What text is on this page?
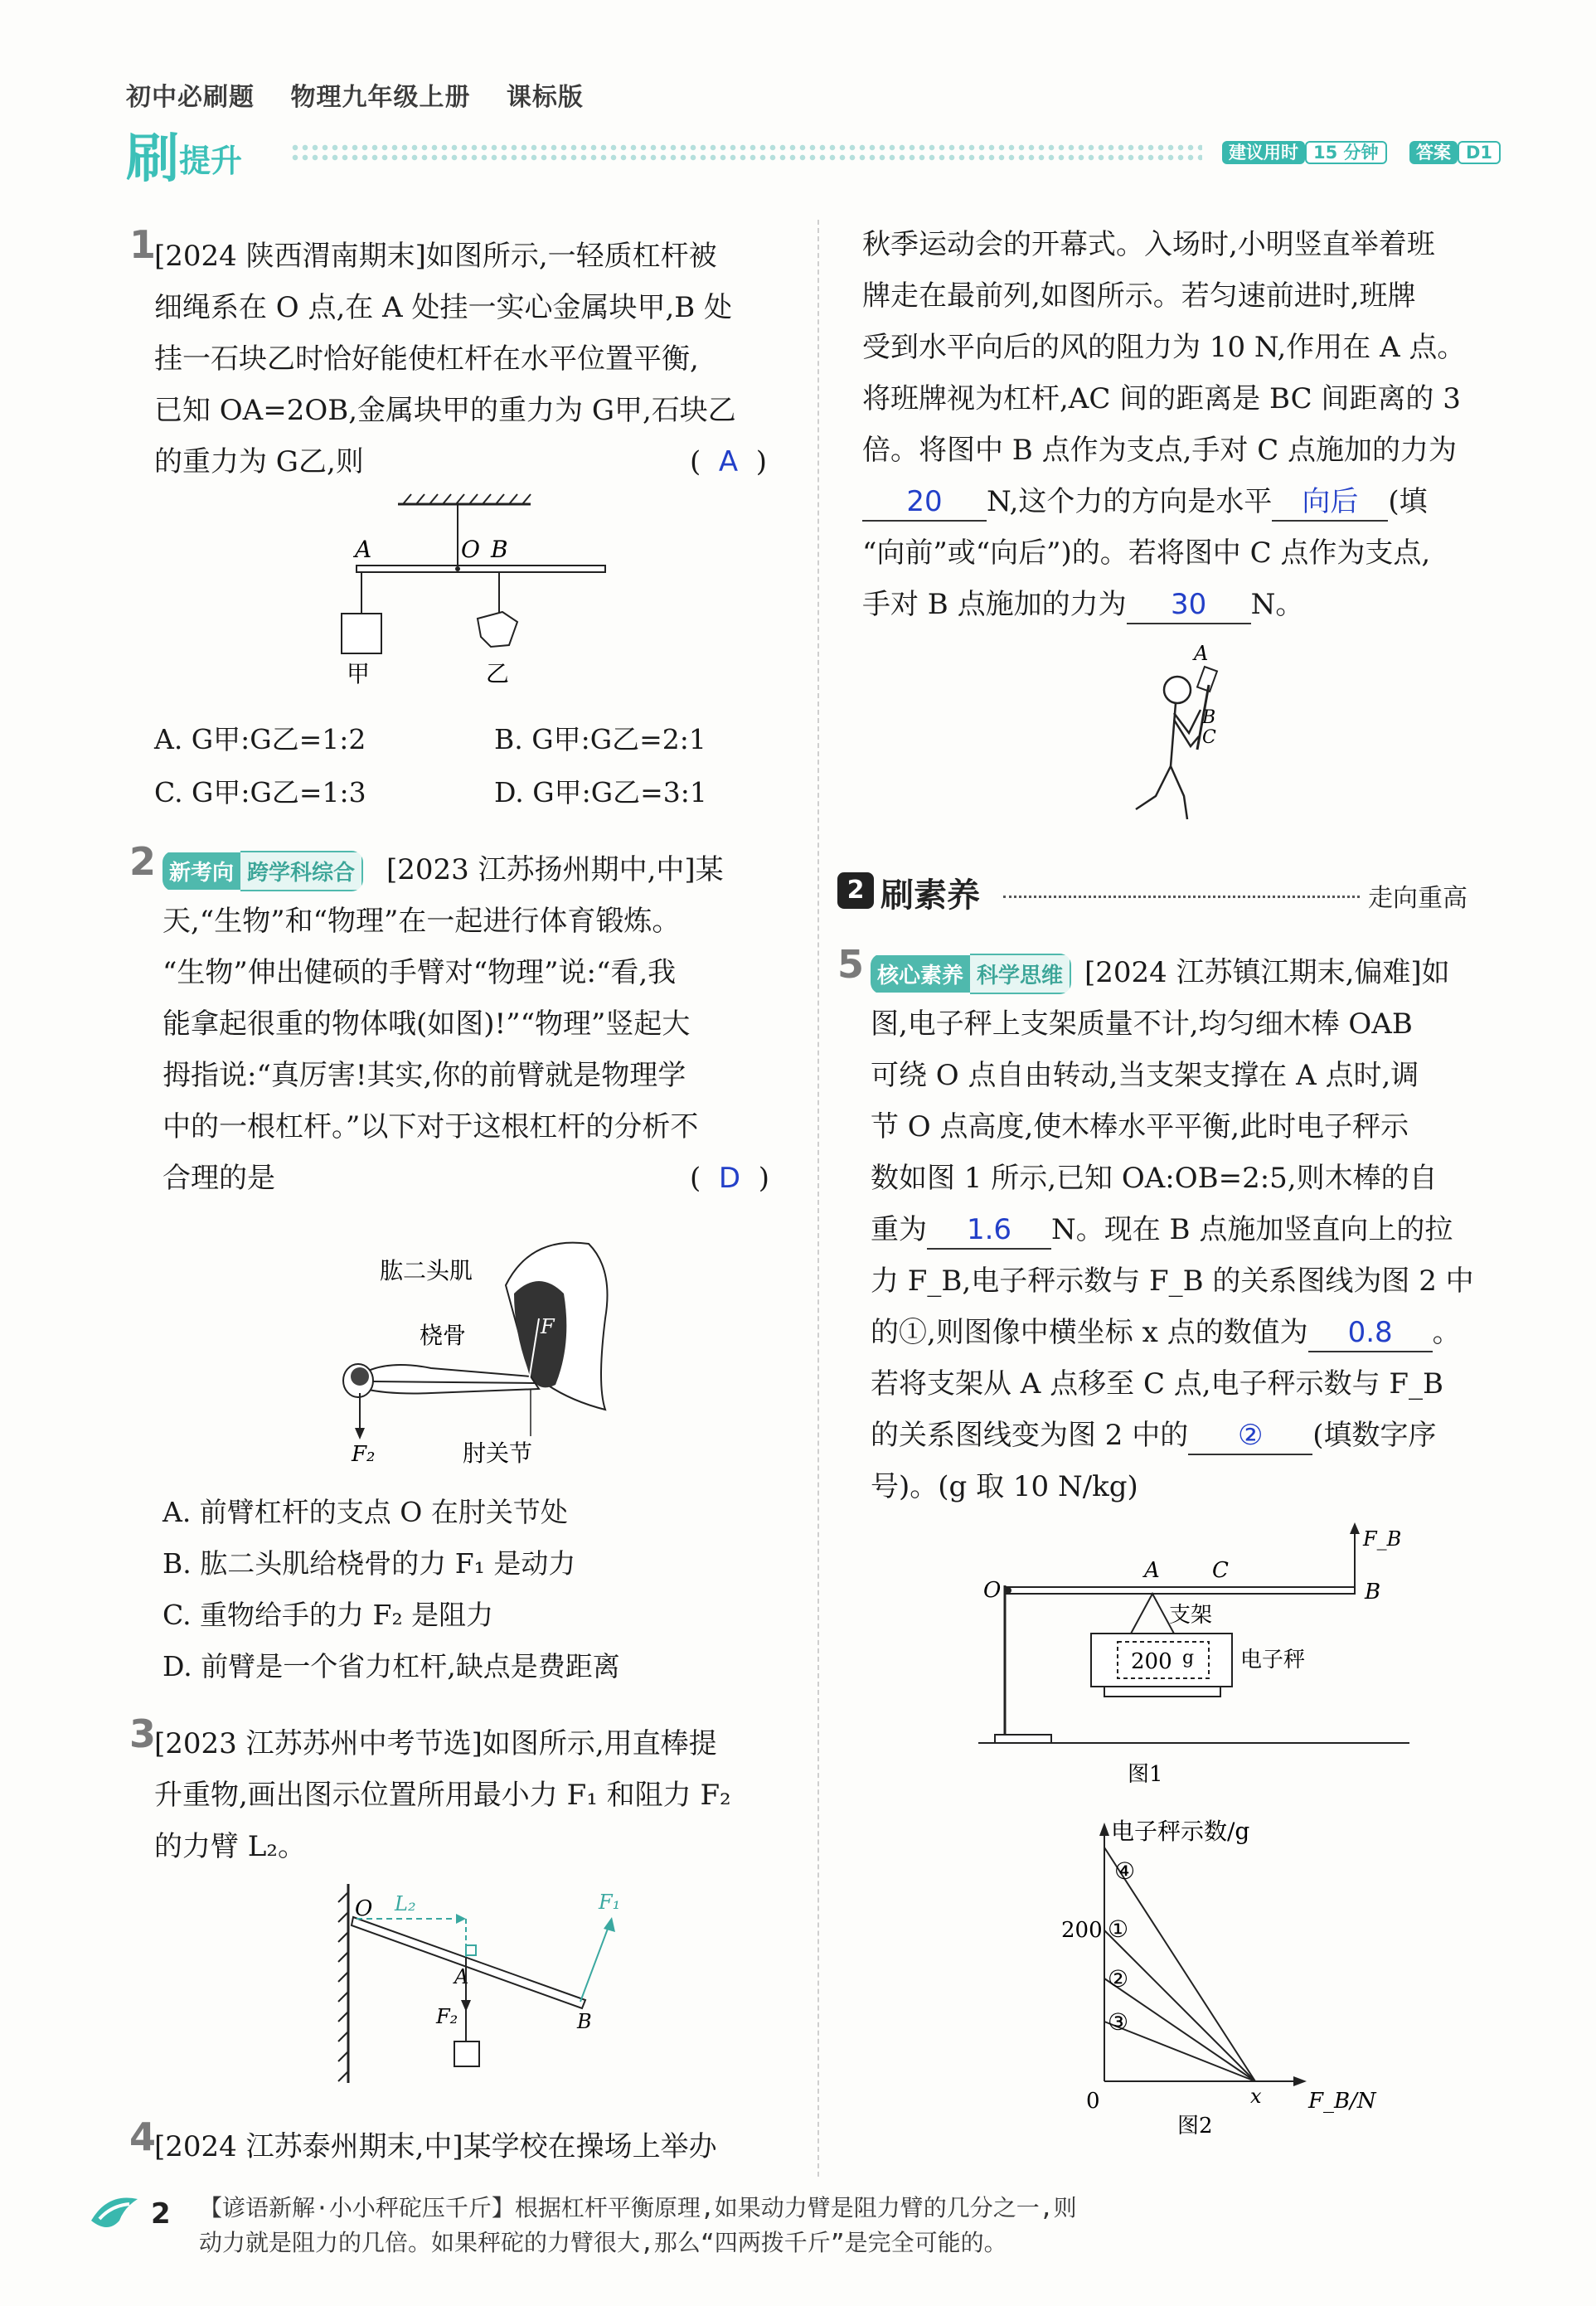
初中必刷题 物理九年级上册 课标版
刷提升	建议用时 15 分钟	答案 D1
1
[2024 陕西渭南期末]如图所示,一轻质杠杆被
细绳系在 O 点,在 A 处挂一实心金属块甲,B 处
挂一石块乙时恰好能使杠杆在水平位置平衡,
已知 OA=2OB,金属块甲的重力为 G甲,石块乙
的重力为 G乙,则	(  A  )
A	O B
甲	乙
A. G甲:G乙=1:2	B. G甲:G乙=2:1
C. G甲:G乙=1:3	D. G甲:G乙=3:1
2 新考向 跨学科综合 [2023 江苏扬州期中,中]某
天,“生物”和“物理”在一起进行体育锻炼。
“生物”伸出健硕的手臂对“物理”说:“看,我
能拿起很重的物体哦(如图)!”“物理”竖起大
拇指说:“真厉害!其实,你的前臂就是物理学
中的一根杠杆。”以下对于这根杠杆的分析不
合理的是	(  D  )
肱二头肌
桡骨	F
F₂	肘关节
A. 前臂杠杆的支点 O 在肘关节处
B. 肱二头肌给桡骨的力 F₁ 是动力
C. 重物给手的力 F₂ 是阻力
D. 前臂是一个省力杠杆,缺点是费距离
3
[2023 江苏苏州中考节选]如图所示,用直棒提
升重物,画出图示位置所用最小力 F₁ 和阻力 F₂
的力臂 L₂。
O L₂
A
F₂	B
F₁
4
[2024 江苏泰州期末,中]某学校在操场上举办
秋季运动会的开幕式。入场时,小明竖直举着班
牌走在最前列,如图所示。若匀速前进时,班牌
受到水平向后的风的阻力为 10 N,作用在 A 点。
将班牌视为杠杆,AC 间的距离是 BC 间距离的 3
倍。将图中 B 点作为支点,手对 C 点施加的力为
20 N,这个力的方向是水平 向后 (填
“向前”或“向后”)的。若将图中 C 点作为支点,
手对 B 点施加的力为 30 N。
A
B
C
2 刷素养	走向重高
5 核心素养 科学思维 [2024 江苏镇江期末,偏难]如
图,电子秤上支架质量不计,均匀细木棒 OAB
可绕 O 点自由转动,当支架支撑在 A 点时,调
节 O 点高度,使木棒水平平衡,此时电子秤示
数如图 1 所示,已知 OA:OB=2:5,则木棒的自
重为 1.6 N。现在 B 点施加竖直向上的拉
力 F_B,电子秤示数与 F_B 的关系图线为图 2 中
的①,则图像中横坐标 x 点的数值为 0.8 。
若将支架从 A 点移至 C 点,电子秤示数与 F_B
的关系图线变为图 2 中的 ② (填数字序
号)。(g 取 10 N/kg)
F_B
O
A C
B
支架
200 g 电子秤
图1
电子秤示数/g
200
0	x F_B/N
④
①
②
③
图2
2 【谚语新解·小小秤砣压千斤】根据杠杆平衡原理,如果动力臂是阻力臂的几分之一,则
动力就是阻力的几倍。如果秤砣的力臂很大,那么“四两拨千斤”是完全可能的。
